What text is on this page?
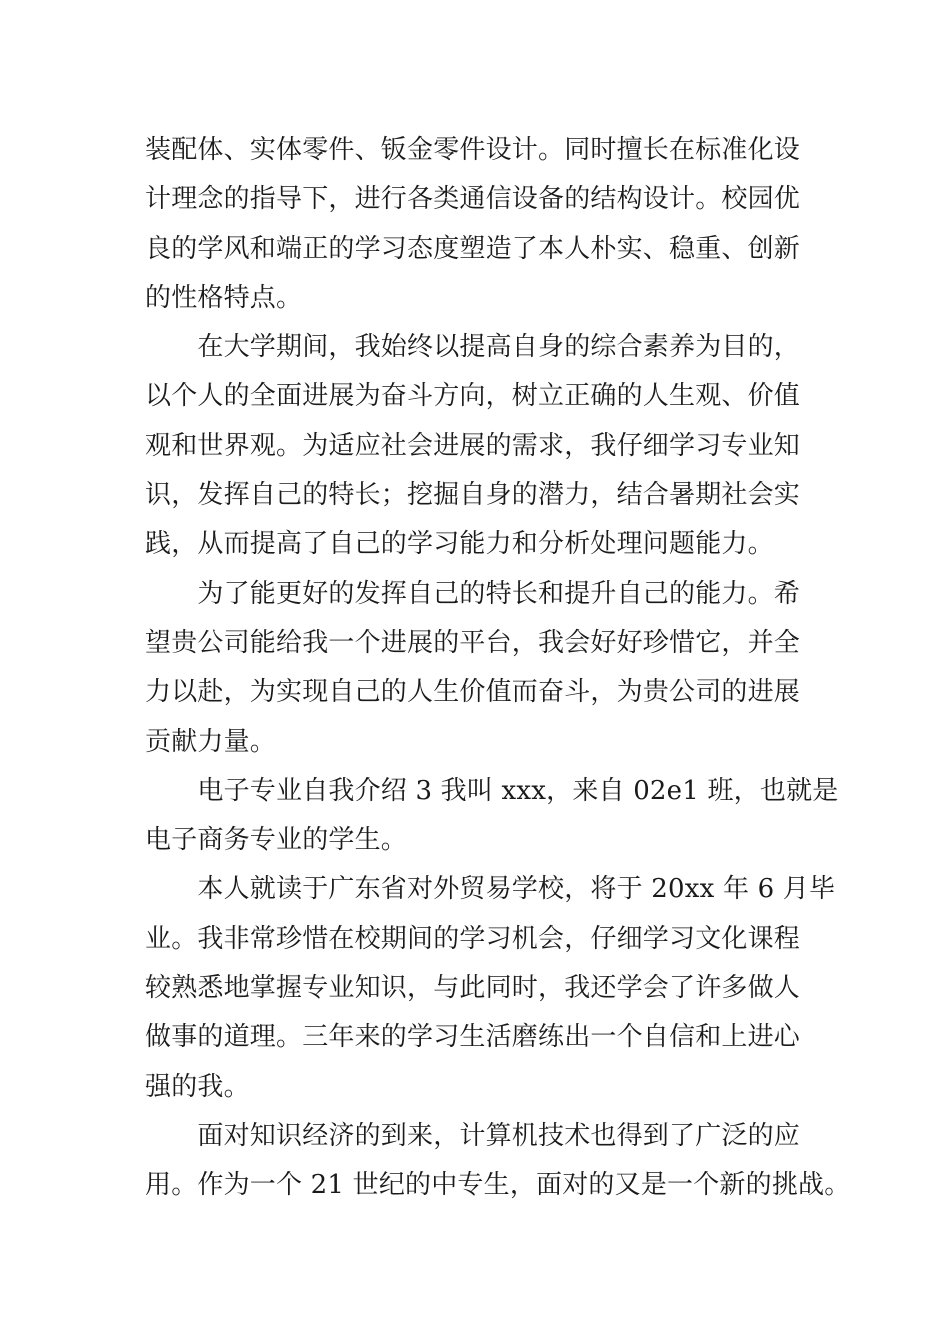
装配体、实体零件、钣金零件设计。同时擅长在标准化设
计理念的指导下，进行各类通信设备的结构设计。校园优
良的学风和端正的学习态度塑造了本人朴实、稳重、创新
的性格特点。
　　在大学期间，我始终以提高自身的综合素养为目的，
以个人的全面进展为奋斗方向，树立正确的人生观、价值
观和世界观。为适应社会进展的需求，我仔细学习专业知
识，发挥自己的特长；挖掘自身的潜力，结合暑期社会实
践，从而提高了自己的学习能力和分析处理问题能力。
　　为了能更好的发挥自己的特长和提升自己的能力。希
望贵公司能给我一个进展的平台，我会好好珍惜它，并全
力以赴，为实现自己的人生价值而奋斗，为贵公司的进展
贡献力量。
　　电子专业自我介绍 3 我叫 xxx，来自 02e1 班，也就是
电子商务专业的学生。
　　本人就读于广东省对外贸易学校，将于 20xx 年 6 月毕
业。我非常珍惜在校期间的学习机会，仔细学习文化课程
较熟悉地掌握专业知识，与此同时，我还学会了许多做人
做事的道理。三年来的学习生活磨练出一个自信和上进心
强的我。
　　面对知识经济的到来，计算机技术也得到了广泛的应
用。作为一个 21 世纪的中专生，面对的又是一个新的挑战。
